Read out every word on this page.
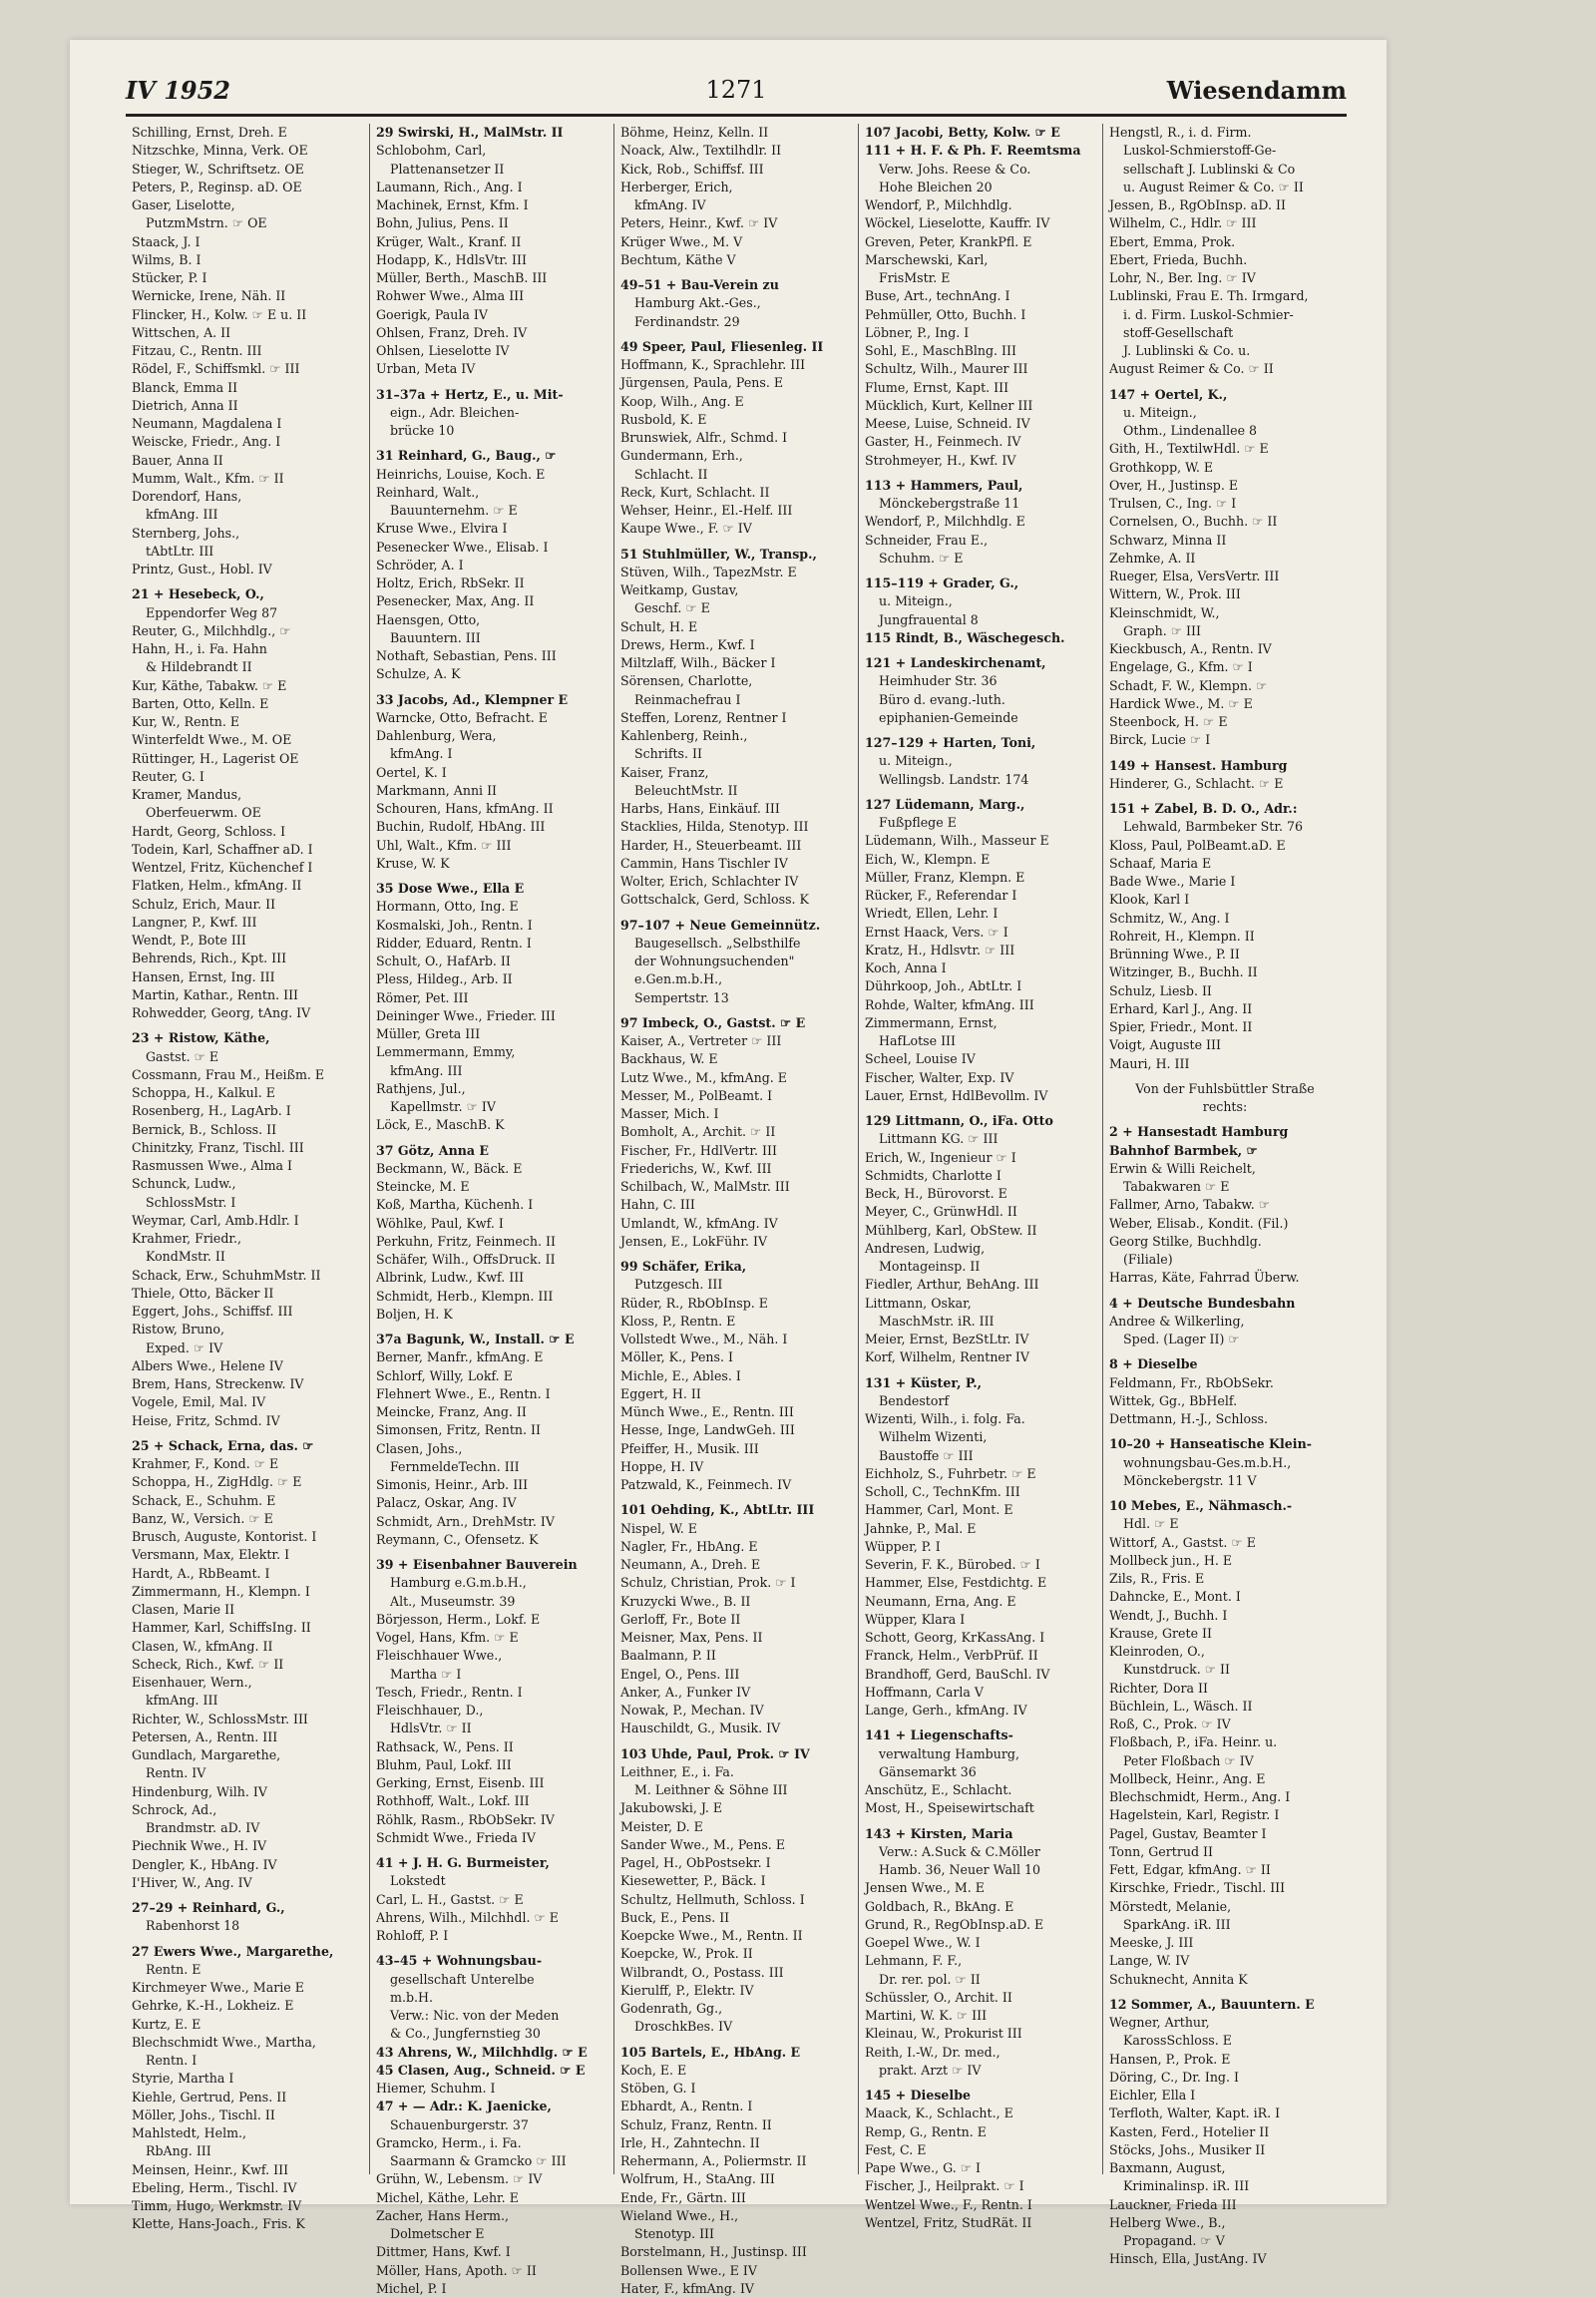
IV 1952	1271	Wiesendamm
Schilling, Ernst, Dreh. E
Nitzschke, Minna, Verk. OE
Stieger, W., Schriftsetz. OE
Peters, P., Reginsp. aD. OE
Gaser, Liselotte,
PutzmMstrn. ☞ OE
Staack, J. I
Wilms, B. I
Stücker, P. I
Wernicke, Irene, Näh. II
Flincker, H., Kolw. ☞ E u. II
Wittschen, A. II
Fitzau, C., Rentn. III
Rödel, F., Schiffsmkl. ☞ III
Blanck, Emma II
Dietrich, Anna II
Neumann, Magdalena I
Weiscke, Friedr., Ang. I
Bauer, Anna II
Mumm, Walt., Kfm. ☞ II
Dorendorf, Hans,
kfmAng. III
Sternberg, Johs.,
tAbtLtr. III
Printz, Gust., Hobl. IV
21 + Hesebeck, O.,
Eppendorfer Weg 87
Reuter, G., Milchhdlg., ☞
Hahn, H., i. Fa. Hahn
& Hildebrandt II
Kur, Käthe, Tabakw. ☞ E
Barten, Otto, Kelln. E
Kur, W., Rentn. E
Winterfeldt Wwe., M. OE
Rüttinger, H., Lagerist OE
Reuter, G. I
Kramer, Mandus,
Oberfeuerwm. OE
Hardt, Georg, Schloss. I
Todein, Karl, Schaffner aD. I
Wentzel, Fritz, Küchenchef I
Flatken, Helm., kfmAng. II
Schulz, Erich, Maur. II
Langner, P., Kwf. III
Wendt, P., Bote III
Behrends, Rich., Kpt. III
Hansen, Ernst, Ing. III
Martin, Kathar., Rentn. III
Rohwedder, Georg, tAng. IV
23 + Ristow, Käthe,
Gastst. ☞ E
Cossmann, Frau M., Heißm. E
Schoppa, H., Kalkul. E
Rosenberg, H., LagArb. I
Bernick, B., Schloss. II
Chinitzky, Franz, Tischl. III
Rasmussen Wwe., Alma I
Schunck, Ludw.,
SchlossMstr. I
Weymar, Carl, Amb.Hdlr. I
Krahmer, Friedr.,
KondMstr. II
Schack, Erw., SchuhmMstr. II
Thiele, Otto, Bäcker II
Eggert, Johs., Schiffsf. III
Ristow, Bruno,
Exped. ☞ IV
Albers Wwe., Helene IV
Brem, Hans, Streckenw. IV
Vogele, Emil, Mal. IV
Heise, Fritz, Schmd. IV
25 + Schack, Erna, das. ☞
Krahmer, F., Kond. ☞ E
Schoppa, H., ZigHdlg. ☞ E
Schack, E., Schuhm. E
Banz, W., Versich. ☞ E
Brusch, Auguste, Kontorist. I
Versmann, Max, Elektr. I
Hardt, A., RbBeamt. I
Zimmermann, H., Klempn. I
Clasen, Marie II
Hammer, Karl, SchiffsIng. II
Clasen, W., kfmAng. II
Scheck, Rich., Kwf. ☞ II
Eisenhauer, Wern.,
kfmAng. III
Richter, W., SchlossMstr. III
Petersen, A., Rentn. III
Gundlach, Margarethe,
Rentn. IV
Hindenburg, Wilh. IV
Schrock, Ad.,
Brandmstr. aD. IV
Piechnik Wwe., H. IV
Dengler, K., HbAng. IV
I'Hiver, W., Ang. IV
27–29 + Reinhard, G.,
Rabenhorst 18
27 Ewers Wwe., Margarethe,
Rentn. E
Kirchmeyer Wwe., Marie E
Gehrke, K.-H., Lokheiz. E
Kurtz, E. E
Blechschmidt Wwe., Martha,
Rentn. I
Styrie, Martha I
Kiehle, Gertrud, Pens. II
Möller, Johs., Tischl. II
Mahlstedt, Helm.,
RbAng. III
Meinsen, Heinr., Kwf. III
Ebeling, Herm., Tischl. IV
Timm, Hugo, Werkmstr. IV
Klette, Hans-Joach., Fris. K
29 Swirski, H., MalMstr. II
Schlobohm, Carl,
Plattenansetzer II
Laumann, Rich., Ang. I
Machinek, Ernst, Kfm. I
Bohn, Julius, Pens. II
Krüger, Walt., Kranf. II
Hodapp, K., HdlsVtr. III
Müller, Berth., MaschB. III
Rohwer Wwe., Alma III
Goerigk, Paula IV
Ohlsen, Franz, Dreh. IV
Ohlsen, Lieselotte IV
Urban, Meta IV
31–37a + Hertz, E., u. Mit-
eign., Adr. Bleichen-
brücke 10
31 Reinhard, G., Baug., ☞
Heinrichs, Louise, Koch. E
Reinhard, Walt.,
Bauunternehm. ☞ E
Kruse Wwe., Elvira I
Pesenecker Wwe., Elisab. I
Schröder, A. I
Holtz, Erich, RbSekr. II
Pesenecker, Max, Ang. II
Haensgen, Otto,
Bauuntern. III
Nothaft, Sebastian, Pens. III
Schulze, A. K
33 Jacobs, Ad., Klempner E
Warncke, Otto, Befracht. E
Dahlenburg, Wera,
kfmAng. I
Oertel, K. I
Markmann, Anni II
Schouren, Hans, kfmAng. II
Buchin, Rudolf, HbAng. III
Uhl, Walt., Kfm. ☞ III
Kruse, W. K
35 Dose Wwe., Ella E
Hormann, Otto, Ing. E
Kosmalski, Joh., Rentn. I
Ridder, Eduard, Rentn. I
Schult, O., HafArb. II
Pless, Hildeg., Arb. II
Römer, Pet. III
Deininger Wwe., Frieder. III
Müller, Greta III
Lemmermann, Emmy,
kfmAng. III
Rathjens, Jul.,
Kapellmstr. ☞ IV
Löck, E., MaschB. K
37 Götz, Anna E
Beckmann, W., Bäck. E
Steincke, M. E
Koß, Martha, Küchenh. I
Wöhlke, Paul, Kwf. I
Perkuhn, Fritz, Feinmech. II
Schäfer, Wilh., OffsDruck. II
Albrink, Ludw., Kwf. III
Schmidt, Herb., Klempn. III
Boljen, H. K
37a Bagunk, W., Install. ☞ E
Berner, Manfr., kfmAng. E
Schlorf, Willy, Lokf. E
Flehnert Wwe., E., Rentn. I
Meincke, Franz, Ang. II
Simonsen, Fritz, Rentn. II
Clasen, Johs.,
FernmeldeTechn. III
Simonis, Heinr., Arb. III
Palacz, Oskar, Ang. IV
Schmidt, Arn., DrehMstr. IV
Reymann, C., Ofensetz. K
39 + Eisenbahner Bauverein
Hamburg e.G.m.b.H.,
Alt., Museumstr. 39
Börjesson, Herm., Lokf. E
Vogel, Hans, Kfm. ☞ E
Fleischhauer Wwe.,
Martha ☞ I
Tesch, Friedr., Rentn. I
Fleischhauer, D.,
HdlsVtr. ☞ II
Rathsack, W., Pens. II
Bluhm, Paul, Lokf. III
Gerking, Ernst, Eisenb. III
Rothhoff, Walt., Lokf. III
Röhlk, Rasm., RbObSekr. IV
Schmidt Wwe., Frieda IV
41 + J. H. G. Burmeister,
Lokstedt
Carl, L. H., Gastst. ☞ E
Ahrens, Wilh., Milchhdl. ☞ E
Rohloff, P. I
43–45 + Wohnungsbau-
gesellschaft Unterelbe
m.b.H.
Verw.: Nic. von der Meden
& Co., Jungfernstieg 30
43 Ahrens, W., Milchhdlg. ☞ E
45 Clasen, Aug., Schneid. ☞ E
Hiemer, Schuhm. I
47 + — Adr.: K. Jaenicke,
Schauenburgerstr. 37
Gramcko, Herm., i. Fa.
Saarmann & Gramcko ☞ III
Grühn, W., Lebensm. ☞ IV
Michel, Käthe, Lehr. E
Zacher, Hans Herm.,
Dolmetscher E
Dittmer, Hans, Kwf. I
Möller, Hans, Apoth. ☞ II
Michel, P. I
Böhme, Heinz, Kelln. II
Noack, Alw., Textilhdlr. II
Kick, Rob., Schiffsf. III
Herberger, Erich,
kfmAng. IV
Peters, Heinr., Kwf. ☞ IV
Krüger Wwe., M. V
Bechtum, Käthe V
49–51 + Bau-Verein zu
Hamburg Akt.-Ges.,
Ferdinandstr. 29
49 Speer, Paul, Fliesenleg. II
Hoffmann, K., Sprachlehr. III
Jürgensen, Paula, Pens. E
Koop, Wilh., Ang. E
Rusbold, K. E
Brunswiek, Alfr., Schmd. I
Gundermann, Erh.,
Schlacht. II
Reck, Kurt, Schlacht. II
Wehser, Heinr., El.-Helf. III
Kaupe Wwe., F. ☞ IV
51 Stuhlmüller, W., Transp.,
Stüven, Wilh., TapezMstr. E
Weitkamp, Gustav,
Geschf. ☞ E
Schult, H. E
Drews, Herm., Kwf. I
Miltzlaff, Wilh., Bäcker I
Sörensen, Charlotte,
Reinmachefrau I
Steffen, Lorenz, Rentner I
Kahlenberg, Reinh.,
Schrifts. II
Kaiser, Franz,
BeleuchtMstr. II
Harbs, Hans, Einkäuf. III
Stacklies, Hilda, Stenotyp. III
Harder, H., Steuerbeamt. III
Cammin, Hans Tischler IV
Wolter, Erich, Schlachter IV
Gottschalck, Gerd, Schloss. K
97–107 + Neue Gemeinnütz.
Baugesellsch. „Selbsthilfe
der Wohnungsuchenden"
e.Gen.m.b.H.,
Sempertstr. 13
97 Imbeck, O., Gastst. ☞ E
Kaiser, A., Vertreter ☞ III
Backhaus, W. E
Lutz Wwe., M., kfmAng. E
Messer, M., PolBeamt. I
Masser, Mich. I
Bomholt, A., Archit. ☞ II
Fischer, Fr., HdlVertr. III
Friederichs, W., Kwf. III
Schilbach, W., MalMstr. III
Hahn, C. III
Umlandt, W., kfmAng. IV
Jensen, E., LokFühr. IV
99 Schäfer, Erika,
Putzgesch. III
Rüder, R., RbObInsp. E
Kloss, P., Rentn. E
Vollstedt Wwe., M., Näh. I
Möller, K., Pens. I
Michle, E., Ables. I
Eggert, H. II
Münch Wwe., E., Rentn. III
Hesse, Inge, LandwGeh. III
Pfeiffer, H., Musik. III
Hoppe, H. IV
Patzwald, K., Feinmech. IV
101 Oehding, K., AbtLtr. III
Nispel, W. E
Nagler, Fr., HbAng. E
Neumann, A., Dreh. E
Schulz, Christian, Prok. ☞ I
Kruzycki Wwe., B. II
Gerloff, Fr., Bote II
Meisner, Max, Pens. II
Baalmann, P. II
Engel, O., Pens. III
Anker, A., Funker IV
Nowak, P., Mechan. IV
Hauschildt, G., Musik. IV
103 Uhde, Paul, Prok. ☞ IV
Leithner, E., i. Fa.
M. Leithner & Söhne III
Jakubowski, J. E
Meister, D. E
Sander Wwe., M., Pens. E
Pagel, H., ObPostsekr. I
Kiesewetter, P., Bäck. I
Schultz, Hellmuth, Schloss. I
Buck, E., Pens. II
Koepcke Wwe., M., Rentn. II
Koepcke, W., Prok. II
Wilbrandt, O., Postass. III
Kierulff, P., Elektr. IV
Godenrath, Gg.,
DroschkBes. IV
105 Bartels, E., HbAng. E
Koch, E. E
Stöben, G. I
Ebhardt, A., Rentn. I
Schulz, Franz, Rentn. II
Irle, H., Zahntechn. II
Rehermann, A., Poliermstr. II
Wolfrum, H., StaAng. III
Ende, Fr., Gärtn. III
Wieland Wwe., H.,
Stenotyp. III
Borstelmann, H., Justinsp. III
Bollensen Wwe., E IV
Hater, F., kfmAng. IV
107 Jacobi, Betty, Kolw. ☞ E
111 + H. F. & Ph. F. Reemtsma
Verw. Johs. Reese & Co.
Hohe Bleichen 20
Wendorf, P., Milchhdlg.
Wöckel, Lieselotte, Kauffr. IV
Greven, Peter, KrankPfl. E
Marschewski, Karl,
FrisMstr. E
Buse, Art., technAng. I
Pehmüller, Otto, Buchh. I
Löbner, P., Ing. I
Sohl, E., MaschBlng. III
Schultz, Wilh., Maurer III
Flume, Ernst, Kapt. III
Mücklich, Kurt, Kellner III
Meese, Luise, Schneid. IV
Gaster, H., Feinmech. IV
Strohmeyer, H., Kwf. IV
113 + Hammers, Paul,
Mönckebergstraße 11
Wendorf, P., Milchhdlg. E
Schneider, Frau E.,
Schuhm. ☞ E
115–119 + Grader, G.,
u. Miteign.,
Jungfrauental 8
115 Rindt, B., Wäschegesch.
121 + Landeskirchenamt,
Heimhuder Str. 36
Büro d. evang.-luth.
epiphanien-Gemeinde
127–129 + Harten, Toni,
u. Miteign.,
Wellingsb. Landstr. 174
127 Lüdemann, Marg.,
Fußpflege E
Lüdemann, Wilh., Masseur E
Eich, W., Klempn. E
Müller, Franz, Klempn. E
Rücker, F., Referendar I
Wriedt, Ellen, Lehr. I
Ernst Haack, Vers. ☞ I
Kratz, H., Hdlsvtr. ☞ III
Koch, Anna I
Dührkoop, Joh., AbtLtr. I
Rohde, Walter, kfmAng. III
Zimmermann, Ernst,
HafLotse III
Scheel, Louise IV
Fischer, Walter, Exp. IV
Lauer, Ernst, HdlBevollm. IV
129 Littmann, O., iFa. Otto
Littmann KG. ☞ III
Erich, W., Ingenieur ☞ I
Schmidts, Charlotte I
Beck, H., Bürovorst. E
Meyer, C., GrünwHdl. II
Mühlberg, Karl, ObStew. II
Andresen, Ludwig,
Montageinsp. II
Fiedler, Arthur, BehAng. III
Littmann, Oskar,
MaschMstr. iR. III
Meier, Ernst, BezStLtr. IV
Korf, Wilhelm, Rentner IV
131 + Küster, P.,
Bendestorf
Wizenti, Wilh., i. folg. Fa.
Wilhelm Wizenti,
Baustoffe ☞ III
Eichholz, S., Fuhrbetr. ☞ E
Scholl, C., TechnKfm. III
Hammer, Carl, Mont. E
Jahnke, P., Mal. E
Wüpper, P. I
Severin, F. K., Bürobed. ☞ I
Hammer, Else, Festdichtg. E
Neumann, Erna, Ang. E
Wüpper, Klara I
Schott, Georg, KrKassAng. I
Franck, Helm., VerbPrüf. II
Brandhoff, Gerd, BauSchl. IV
Hoffmann, Carla V
Lange, Gerh., kfmAng. IV
141 + Liegenschafts-
verwaltung Hamburg,
Gänsemarkt 36
Anschütz, E., Schlacht.
Most, H., Speisewirtschaft
143 + Kirsten, Maria
Verw.: A.Suck & C.Möller
Hamb. 36, Neuer Wall 10
Jensen Wwe., M. E
Goldbach, R., BkAng. E
Grund, R., RegObInsp.aD. E
Goepel Wwe., W. I
Lehmann, F. F.,
Dr. rer. pol. ☞ II
Schüssler, O., Archit. II
Martini, W. K. ☞ III
Kleinau, W., Prokurist III
Reith, I.-W., Dr. med.,
prakt. Arzt ☞ IV
145 + Dieselbe
Maack, K., Schlacht., E
Remp, G., Rentn. E
Fest, C. E
Pape Wwe., G. ☞ I
Fischer, J., Heilprakt. ☞ I
Wentzel Wwe., F., Rentn. I
Wentzel, Fritz, StudRät. II
Hengstl, R., i. d. Firm.
Luskol-Schmierstoff-Ge-
sellschaft J. Lublinski & Co
u. August Reimer & Co. ☞ II
Jessen, B., RgObInsp. aD. II
Wilhelm, C., Hdlr. ☞ III
Ebert, Emma, Prok.
Ebert, Frieda, Buchh.
Lohr, N., Ber. Ing. ☞ IV
Lublinski, Frau E. Th. Irmgard,
i. d. Firm. Luskol-Schmier-
stoff-Gesellschaft
J. Lublinski & Co. u.
August Reimer & Co. ☞ II
147 + Oertel, K.,
u. Miteign.,
Othm., Lindenallee 8
Gith, H., TextilwHdl. ☞ E
Grothkopp, W. E
Over, H., Justinsp. E
Trulsen, C., Ing. ☞ I
Cornelsen, O., Buchh. ☞ II
Schwarz, Minna II
Zehmke, A. II
Rueger, Elsa, VersVertr. III
Wittern, W., Prok. III
Kleinschmidt, W.,
Graph. ☞ III
Kieckbusch, A., Rentn. IV
Engelage, G., Kfm. ☞ I
Schadt, F. W., Klempn. ☞
Hardick Wwe., M. ☞ E
Steenbock, H. ☞ E
Birck, Lucie ☞ I
149 + Hansest. Hamburg
Hinderer, G., Schlacht. ☞ E
151 + Zabel, B. D. O., Adr.:
Lehwald, Barmbeker Str. 76
Kloss, Paul, PolBeamt.aD. E
Schaaf, Maria E
Bade Wwe., Marie I
Klook, Karl I
Schmitz, W., Ang. I
Rohreit, H., Klempn. II
Brünning Wwe., P. II
Witzinger, B., Buchh. II
Schulz, Liesb. II
Erhard, Karl J., Ang. II
Spier, Friedr., Mont. II
Voigt, Auguste III
Mauri, H. III
Von der Fuhlsbüttler Straße
rechts:
2 + Hansestadt Hamburg
Bahnhof Barmbek, ☞
Erwin & Willi Reichelt,
Tabakwaren ☞ E
Fallmer, Arno, Tabakw. ☞
Weber, Elisab., Kondit. (Fil.)
Georg Stilke, Buchhdlg.
(Filiale)
Harras, Käte, Fahrrad Überw.
4 + Deutsche Bundesbahn
Andree & Wilkerling,
Sped. (Lager II) ☞
8 + Dieselbe
Feldmann, Fr., RbObSekr.
Wittek, Gg., BbHelf.
Dettmann, H.-J., Schloss.
10–20 + Hanseatische Klein-
wohnungsbau-Ges.m.b.H.,
Mönckebergstr. 11 V
10 Mebes, E., Nähmasch.-
Hdl. ☞ E
Wittorf, A., Gastst. ☞ E
Mollbeck jun., H. E
Zils, R., Fris. E
Dahncke, E., Mont. I
Wendt, J., Buchh. I
Krause, Grete II
Kleinroden, O.,
Kunstdruck. ☞ II
Richter, Dora II
Büchlein, L., Wäsch. II
Roß, C., Prok. ☞ IV
Floßbach, P., iFa. Heinr. u.
Peter Floßbach ☞ IV
Mollbeck, Heinr., Ang. E
Blechschmidt, Herm., Ang. I
Hagelstein, Karl, Registr. I
Pagel, Gustav, Beamter I
Tonn, Gertrud II
Fett, Edgar, kfmAng. ☞ II
Kirschke, Friedr., Tischl. III
Mörstedt, Melanie,
SparkAng. iR. III
Meeske, J. III
Lange, W. IV
Schuknecht, Annita K
12 Sommer, A., Bauuntern. E
Wegner, Arthur,
KarossSchloss. E
Hansen, P., Prok. E
Döring, C., Dr. Ing. I
Eichler, Ella I
Terfloth, Walter, Kapt. iR. I
Kasten, Ferd., Hotelier II
Stöcks, Johs., Musiker II
Baxmann, August,
Kriminalinsp. iR. III
Lauckner, Frieda III
Helberg Wwe., B.,
Propagand. ☞ V
Hinsch, Ella, JustAng. IV
